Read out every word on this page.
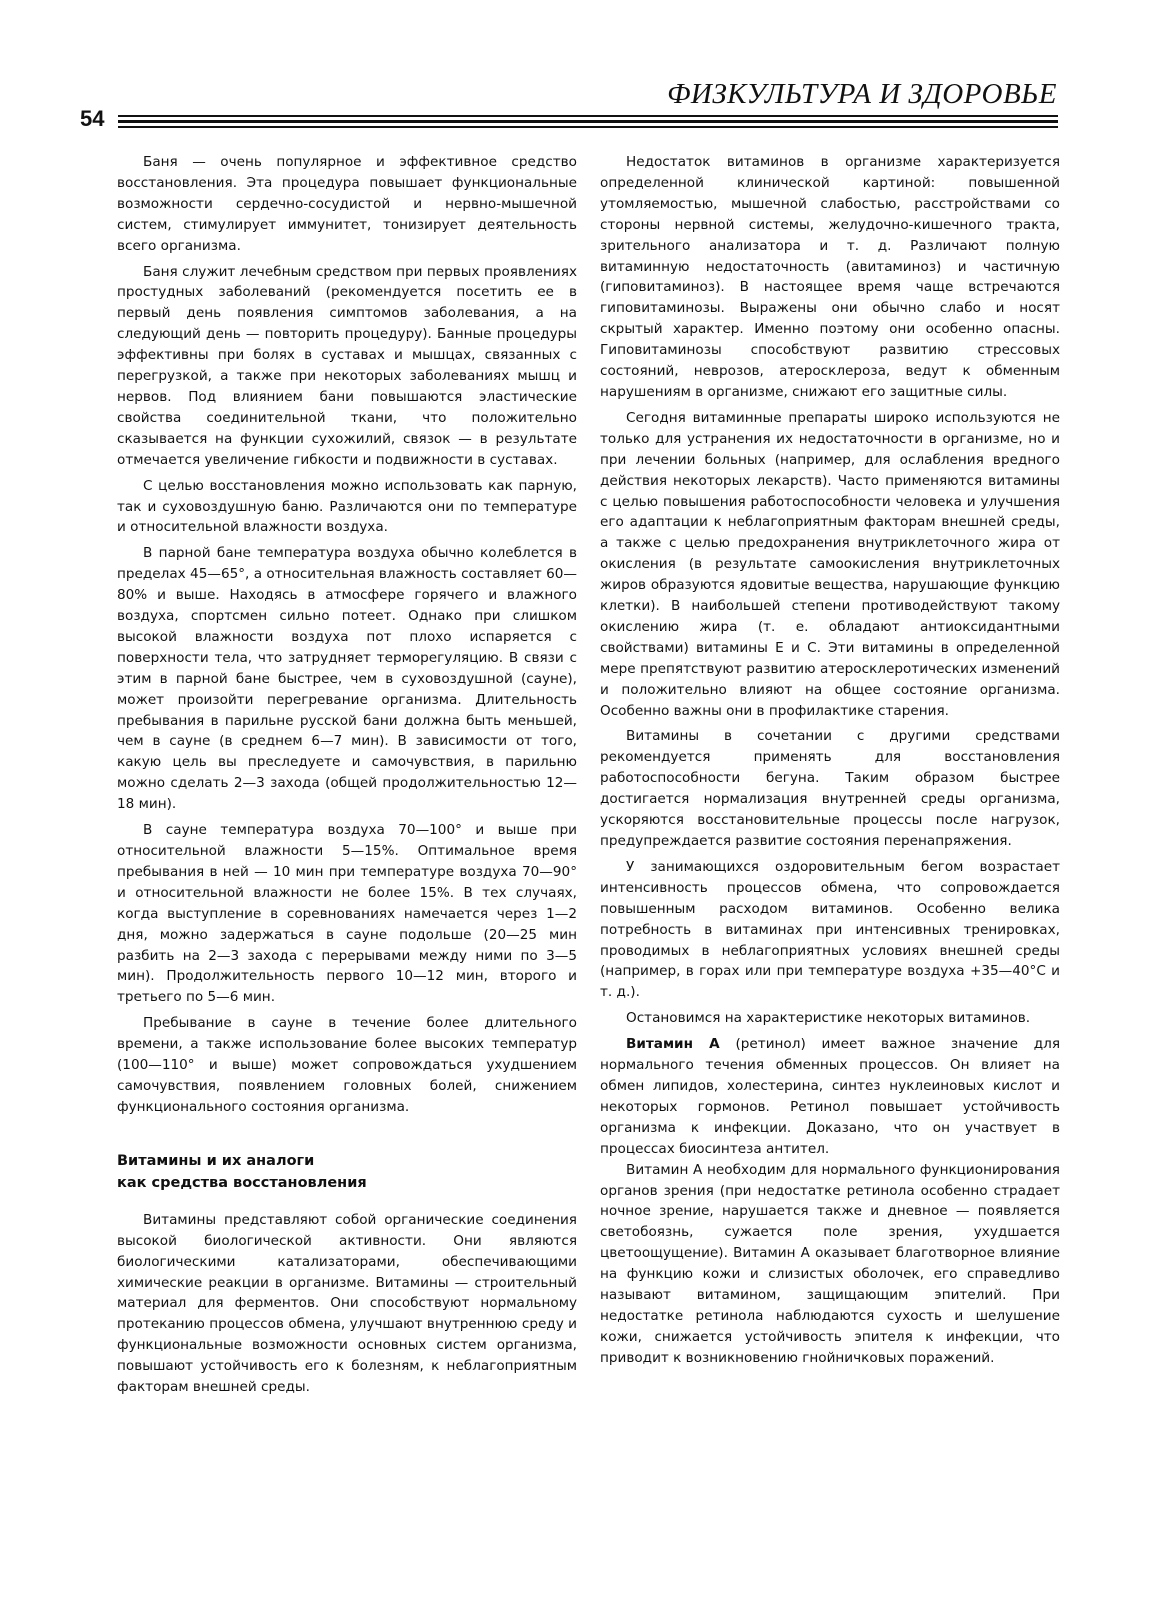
54
ФИЗКУЛЬТУРА И ЗДОРОВЬЕ

Баня — очень популярное и эффективное средство восстановления. Эта процедура повышает функциональные возможности сердечно-сосудистой и нервно-мышечной систем, стимулирует иммунитет, тонизирует деятельность всего организма.

Баня служит лечебным средством при первых проявлениях простудных заболеваний (рекомендуется посетить ее в первый день появления симптомов заболевания, а на следующий день — повторить процедуру). Банные процедуры эффективны при болях в суставах и мышцах, связанных с перегрузкой, а также при некоторых заболеваниях мышц и нервов. Под влиянием бани повышаются эластические свойства соединительной ткани, что положительно сказывается на функции сухожилий, связок — в результате отмечается увеличение гибкости и подвижности в суставах.

С целью восстановления можно использовать как парную, так и суховоздушную баню. Различаются они по температуре и относительной влажности воздуха.

В парной бане температура воздуха обычно колеблется в пределах 45—65°, а относительная влажность составляет 60—80% и выше. Находясь в атмосфере горячего и влажного воздуха, спортсмен сильно потеет. Однако при слишком высокой влажности воздуха пот плохо испаряется с поверхности тела, что затрудняет терморегуляцию. В связи с этим в парной бане быстрее, чем в суховоздушной (сауне), может произойти перегревание организма. Длительность пребывания в парильне русской бани должна быть меньшей, чем в сауне (в среднем 6—7 мин). В зависимости от того, какую цель вы преследуете и самочувствия, в парильню можно сделать 2—3 захода (общей продолжительностью 12—18 мин).

В сауне температура воздуха 70—100° и выше при относительной влажности 5—15%. Оптимальное время пребывания в ней — 10 мин при температуре воздуха 70—90° и относительной влажности не более 15%. В тех случаях, когда выступление в соревнованиях намечается через 1—2 дня, можно задержаться в сауне подольше (20—25 мин разбить на 2—3 захода с перерывами между ними по 3—5 мин). Продолжительность первого 10—12 мин, второго и третьего по 5—6 мин.

Пребывание в сауне в течение более длительного времени, а также использование более высоких температур (100—110° и выше) может сопровождаться ухудшением самочувствия, появлением головных болей, снижением функционального состояния организма.

Витамины и их аналоги
как средства восстановления

Витамины представляют собой органические соединения высокой биологической активности. Они являются биологическими катализаторами, обеспечивающими химические реакции в организме. Витамины — строительный материал для ферментов. Они способствуют нормальному протеканию процессов обмена, улучшают внутреннюю среду и функциональные возможности основных систем организма, повышают устойчивость его к болезням, к неблагоприятным факторам внешней среды.

Недостаток витаминов в организме характеризуется определенной клинической картиной: повышенной утомляемостью, мышечной слабостью, расстройствами со стороны нервной системы, желудочно-кишечного тракта, зрительного анализатора и т. д. Различают полную витаминную недостаточность (авитаминоз) и частичную (гиповитаминоз). В настоящее время чаще встречаются гиповитаминозы. Выражены они обычно слабо и носят скрытый характер. Именно поэтому они особенно опасны. Гиповитаминозы способствуют развитию стрессовых состояний, неврозов, атеросклероза, ведут к обменным нарушениям в организме, снижают его защитные силы.

Сегодня витаминные препараты широко используются не только для устранения их недостаточности в организме, но и при лечении больных (например, для ослабления вредного действия некоторых лекарств). Часто применяются витамины с целью повышения работоспособности человека и улучшения его адаптации к неблагоприятным факторам внешней среды, а также с целью предохранения внутриклеточного жира от окисления (в результате самоокисления внутриклеточных жиров образуются ядовитые вещества, нарушающие функцию клетки). В наибольшей степени противодействуют такому окислению жира (т. е. обладают антиоксидантными свойствами) витамины Е и С. Эти витамины в определенной мере препятствуют развитию атеросклеротических изменений и положительно влияют на общее состояние организма. Особенно важны они в профилактике старения.

Витамины в сочетании с другими средствами рекомендуется применять для восстановления работоспособности бегуна. Таким образом быстрее достигается нормализация внутренней среды организма, ускоряются восстановительные процессы после нагрузок, предупреждается развитие состояния перенапряжения.

У занимающихся оздоровительным бегом возрастает интенсивность процессов обмена, что сопровождается повышенным расходом витаминов. Особенно велика потребность в витаминах при интенсивных тренировках, проводимых в неблагоприятных условиях внешней среды (например, в горах или при температуре воздуха +35—40°С и т. д.).

Остановимся на характеристике некоторых витаминов.

Витамин А (ретинол) имеет важное значение для нормального течения обменных процессов. Он влияет на обмен липидов, холестерина, синтез нуклеиновых кислот и некоторых гормонов. Ретинол повышает устойчивость организма к инфекции. Доказано, что он участвует в процессах биосинтеза антител.

Витамин А необходим для нормального функционирования органов зрения (при недостатке ретинола особенно страдает ночное зрение, нарушается также и дневное — появляется светобоязнь, сужается поле зрения, ухудшается цветоощущение). Витамин А оказывает благотворное влияние на функцию кожи и слизистых оболочек, его справедливо называют витамином, защищающим эпителий. При недостатке ретинола наблюдаются сухость и шелушение кожи, снижается устойчивость эпителя к инфекции, что приводит к возникновению гнойничковых поражений.
